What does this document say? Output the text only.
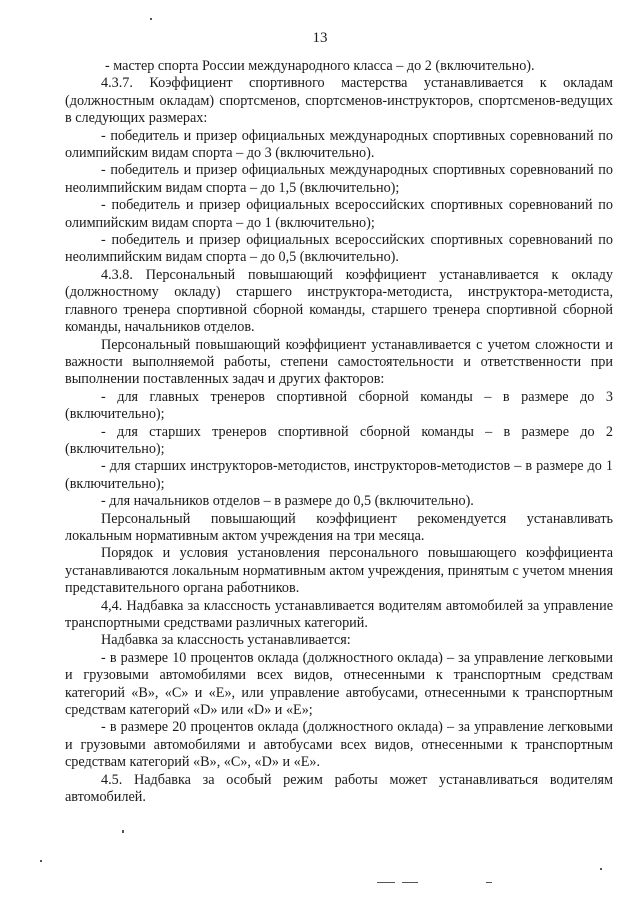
13

- мастер спорта России международного класса – до 2 (включительно).

4.3.7. Коэффициент спортивного мастерства устанавливается к окладам (должностным окладам) спортсменов, спортсменов-инструкторов, спортсменов-ведущих в следующих размерах:

- победитель и призер официальных международных спортивных соревнований по олимпийским видам спорта – до 3 (включительно).

- победитель и призер официальных международных спортивных соревнований по неолимпийским видам спорта – до 1,5 (включительно);

- победитель и призер официальных всероссийских спортивных соревнований по олимпийским видам спорта – до 1 (включительно);

- победитель и призер официальных всероссийских спортивных соревнований по неолимпийским видам спорта – до 0,5 (включительно).

4.3.8. Персональный повышающий коэффициент устанавливается к окладу (должностному окладу) старшего инструктора-методиста, инструктора-методиста, главного тренера спортивной сборной команды, старшего тренера спортивной сборной команды, начальников отделов.

Персональный повышающий коэффициент устанавливается с учетом сложности и важности выполняемой работы, степени самостоятельности и ответственности при выполнении поставленных задач и других факторов:

- для главных тренеров спортивной сборной команды – в размере до 3 (включительно);

- для старших тренеров спортивной сборной команды – в размере до 2 (включительно);

- для старших инструкторов-методистов, инструкторов-методистов – в размере до 1 (включительно);

- для начальников отделов – в размере до 0,5 (включительно).

Персональный повышающий коэффициент рекомендуется устанавливать локальным нормативным актом учреждения на три месяца.

Порядок и условия установления персонального повышающего коэффициента устанавливаются локальным нормативным актом учреждения, принятым с учетом мнения представительного органа работников.

4,4. Надбавка за классность устанавливается водителям автомобилей за управление транспортными средствами различных категорий.

Надбавка за классность устанавливается:

- в размере 10 процентов оклада (должностного оклада) – за управление легковыми и грузовыми автомобилями всех видов, отнесенными к транспортным средствам категорий «В», «С» и «Е», или управление автобусами, отнесенными к транспортным средствам категорий «D» или «D» и «Е»;

- в размере 20 процентов оклада (должностного оклада) – за управление легковыми и грузовыми автомобилями и автобусами всех видов, отнесенными к транспортным средствам категорий «В», «С», «D» и «Е».

4.5. Надбавка за особый режим работы может устанавливаться водителям автомобилей.
